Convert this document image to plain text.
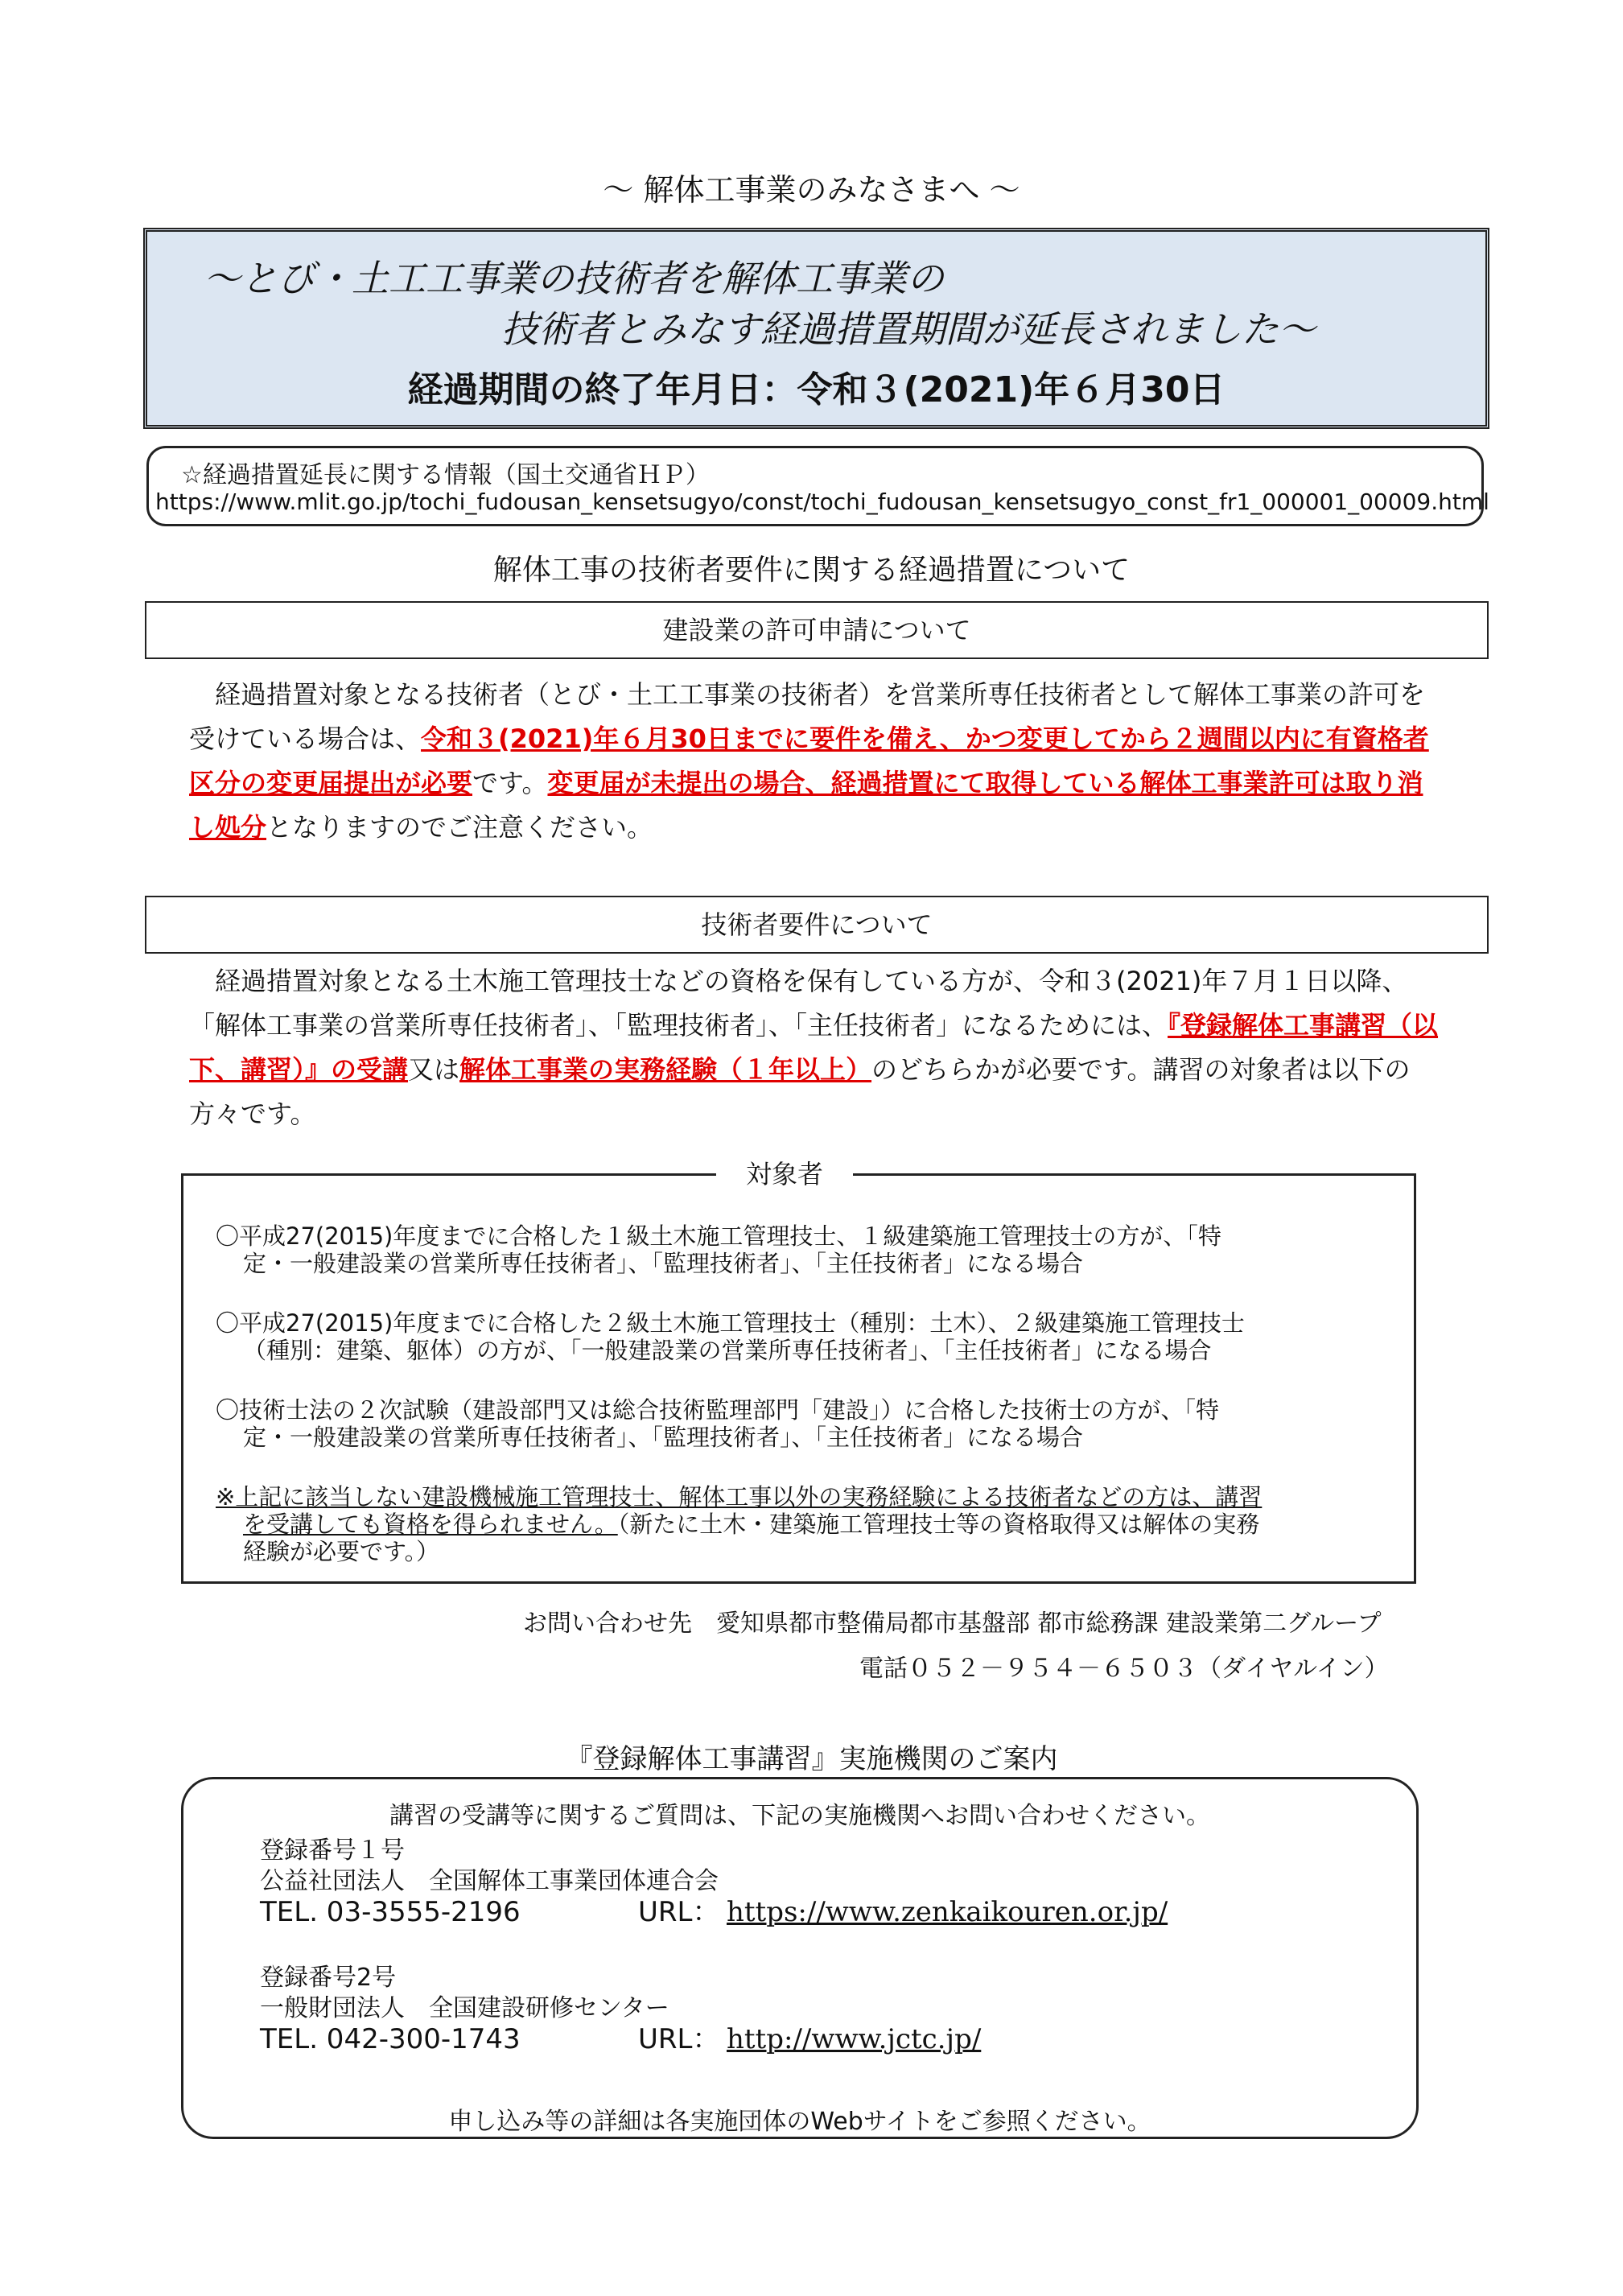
～ 解体工事業のみなさまへ ～
～とび・土工工事業の技術者を解体工事業の
技術者とみなす経過措置期間が延長されました～
経過期間の終了年月日：令和３(2021)年６月30日
☆経過措置延長に関する情報（国土交通省ＨＰ）
https://www.mlit.go.jp/tochi_fudousan_kensetsugyo/const/tochi_fudousan_kensetsugyo_const_fr1_000001_00009.html
解体工事の技術者要件に関する経過措置について
建設業の許可申請について

　経過措置対象となる技術者（とび・土工工事業の技術者）を営業所専任技術者として解体工事業の許可を受けている場合は、令和３(2021)年６月30日までに要件を備え、かつ変更してから２週間以内に有資格者区分の変更届提出が必要です。変更届が未提出の場合、経過措置にて取得している解体工事業許可は取り消し処分となりますのでご注意ください。

技術者要件について

　経過措置対象となる土木施工管理技士などの資格を保有している方が、令和３(2021)年７月１日以降、「解体工事業の営業所専任技術者」、「監理技術者」、「主任技術者」になるためには、『登録解体工事講習（以下、講習）』の受講又は解体工事業の実務経験（１年以上）のどちらかが必要です。講習の対象者は以下の方々です。

〇平成27(2015)年度までに合格した１級土木施工管理技士、１級建築施工管理技士の方が、「特

定・一般建設業の営業所専任技術者」、「監理技術者」、「主任技術者」になる場合

〇平成27(2015)年度までに合格した２級土木施工管理技士（種別：土木）、２級建築施工管理技士

（種別：建築、躯体）の方が、「一般建設業の営業所専任技術者」、「主任技術者」になる場合

〇技術士法の２次試験（建設部門又は総合技術監理部門「建設」）に合格した技術士の方が、「特

定・一般建設業の営業所専任技術者」、「監理技術者」、「主任技術者」になる場合

※上記に該当しない建設機械施工管理技士、解体工事以外の実務経験による技術者などの方は、講習

を受講しても資格を得られません。（新たに土木・建築施工管理技士等の資格取得又は解体の実務

経験が必要です。）

対象者
お問い合わせ先　愛知県都市整備局都市基盤部 都市総務課 建設業第二グループ
電話０５２－９５４－６５０３（ダイヤルイン）
『登録解体工事講習』実施機関のご案内
講習の受講等に関するご質問は、下記の実施機関へお問い合わせください。

登録番号１号

公益社団法人　全国解体工事業団体連合会

TEL. 03-3555-2196	URL： https://www.zenkaikouren.or.jp/

登録番号2号

一般財団法人　全国建設研修センター

TEL. 042-300-1743	URL： http://www.jctc.jp/

申し込み等の詳細は各実施団体のWebサイトをご参照ください。
